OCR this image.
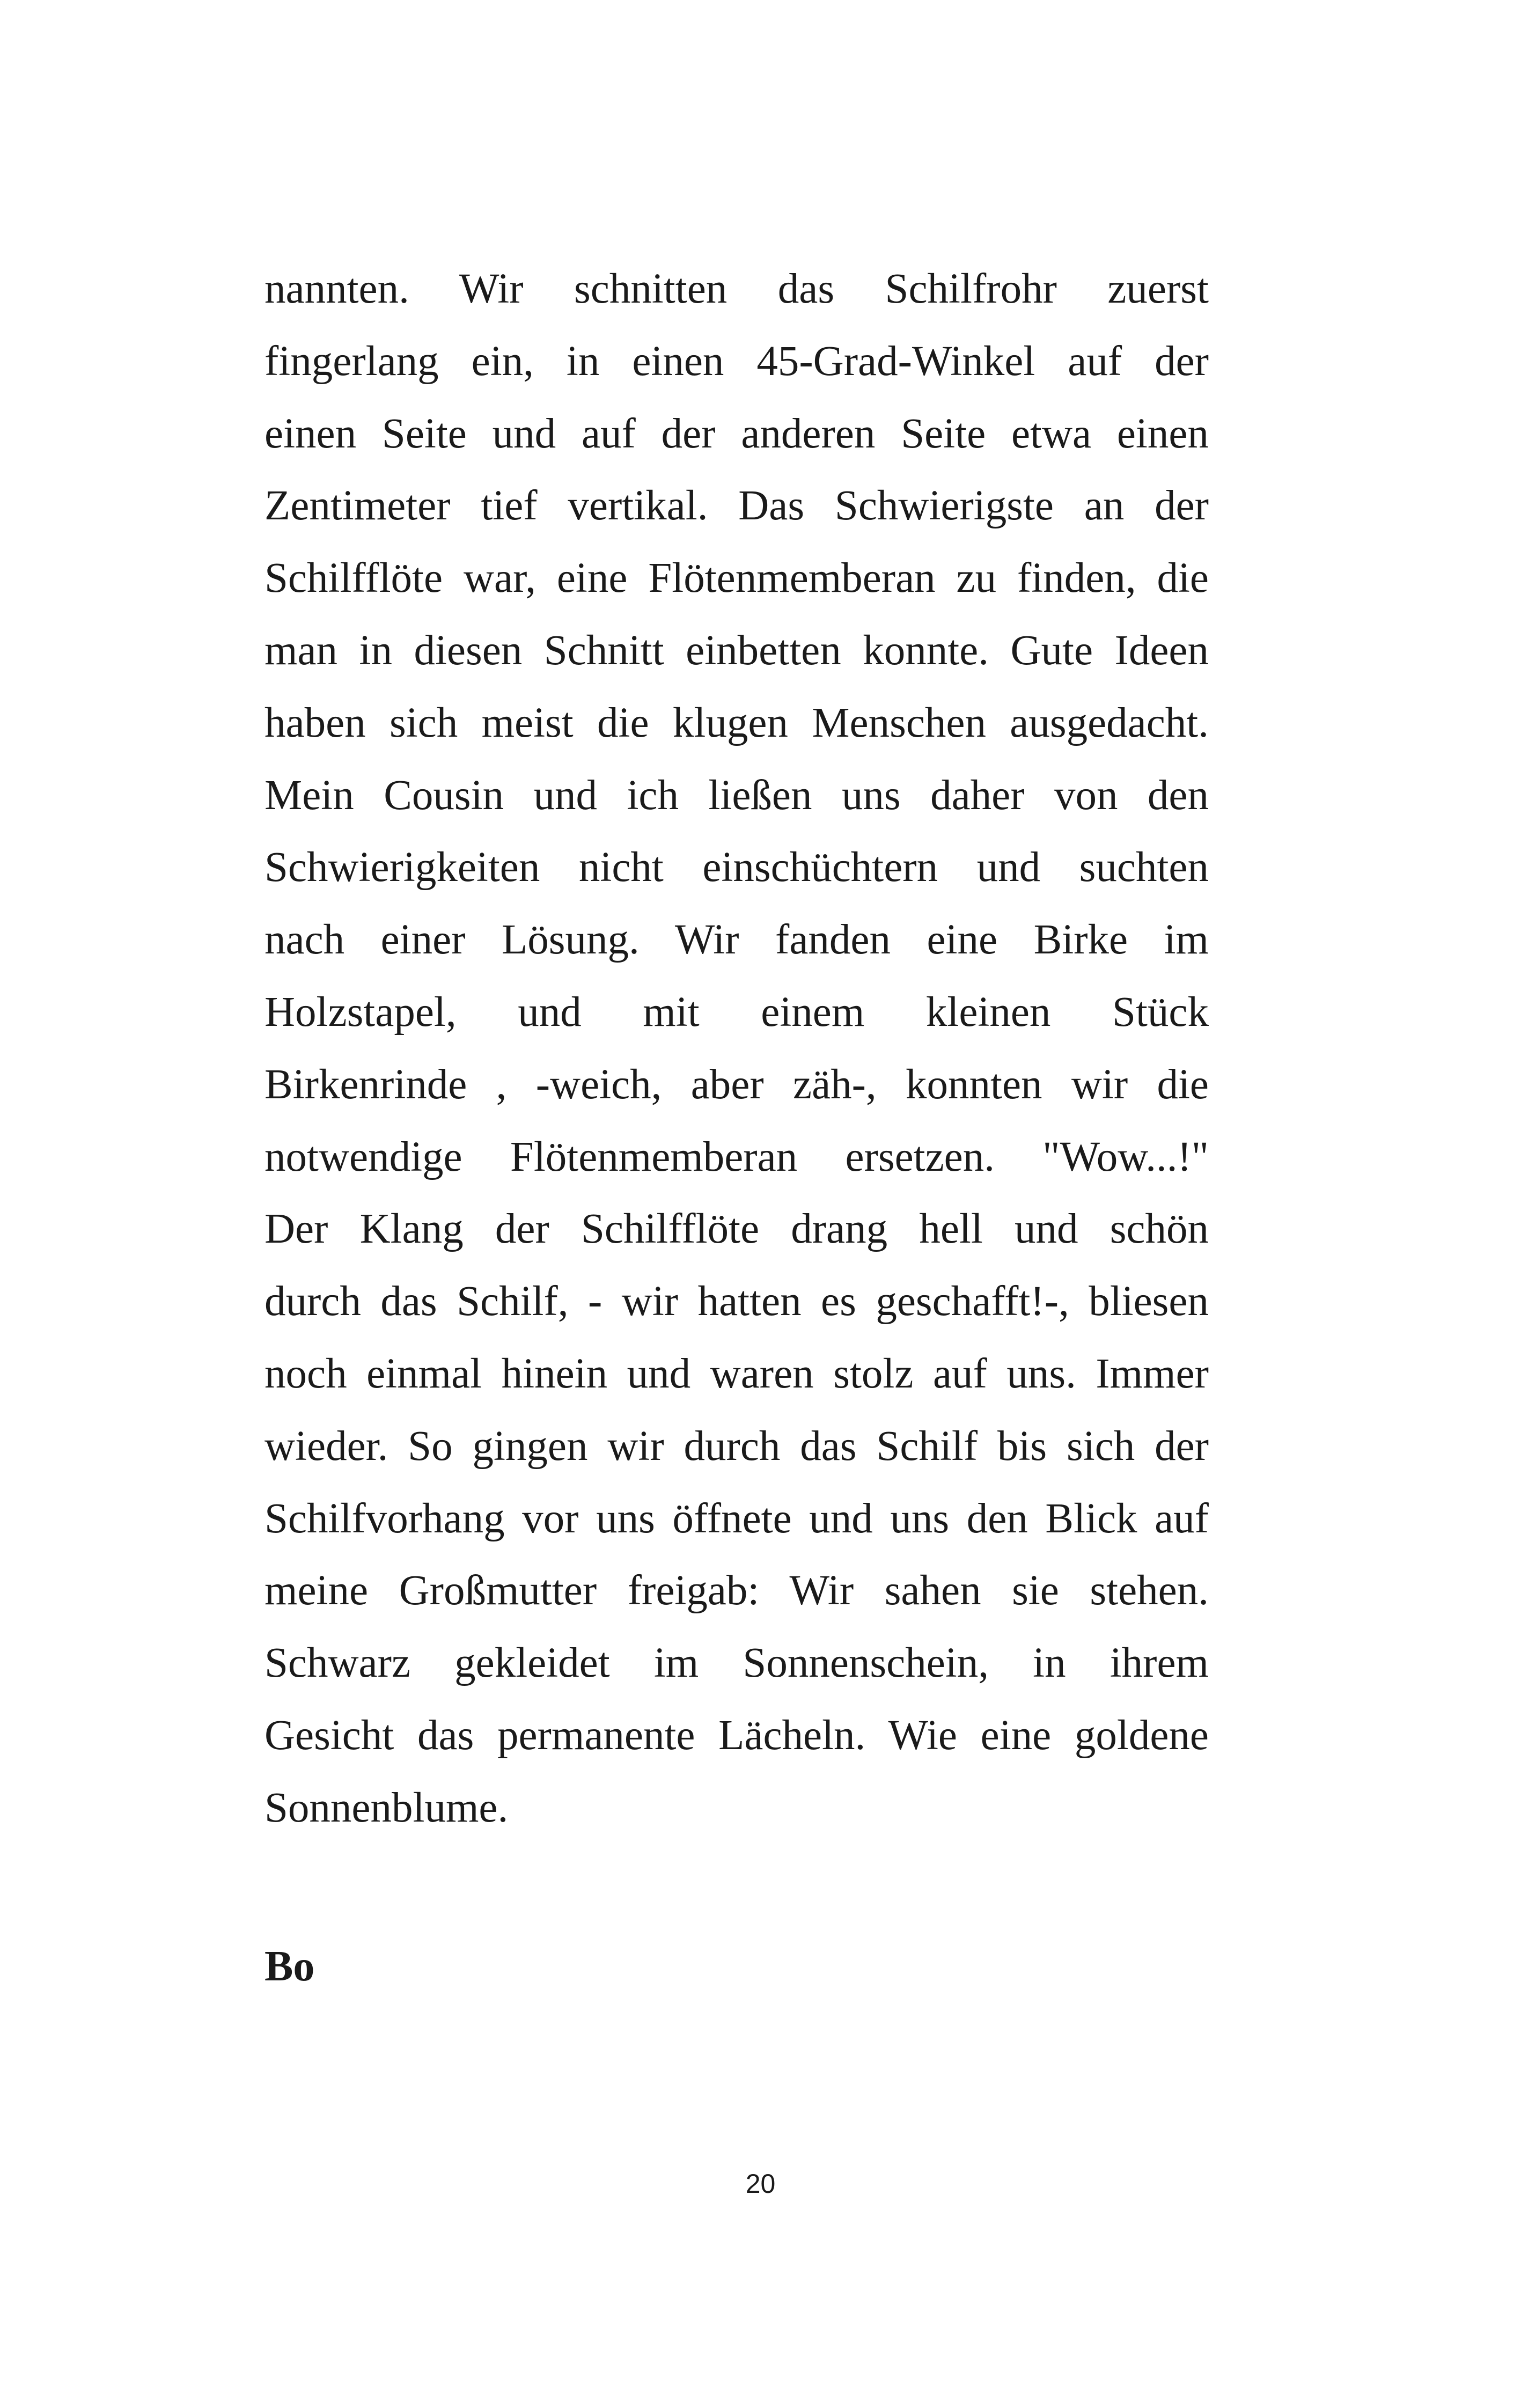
nannten. Wir schnitten das Schilfrohr zuerst
fingerlang ein, in einen 45-Grad-Winkel auf der
einen Seite und auf der anderen Seite etwa einen
Zentimeter tief vertikal. Das Schwierigste an der
Schilfflöte war, eine Flötenmemberan zu finden, die
man in diesen Schnitt einbetten konnte. Gute Ideen
haben sich meist die klugen Menschen ausgedacht.
Mein Cousin und ich ließen uns daher von den
Schwierigkeiten nicht einschüchtern und suchten
nach einer Lösung. Wir fanden eine Birke im
Holzstapel, und mit einem kleinen Stück
Birkenrinde , -weich, aber zäh-, konnten wir die
notwendige Flötenmemberan ersetzen. "Wow...!"
Der Klang der Schilfflöte drang hell und schön
durch das Schilf, - wir hatten es geschafft!-, bliesen
noch einmal hinein und waren stolz auf uns. Immer
wieder. So gingen wir durch das Schilf bis sich der
Schilfvorhang vor uns öffnete und uns den Blick auf
meine Großmutter freigab: Wir sahen sie stehen.
Schwarz gekleidet im Sonnenschein, in ihrem
Gesicht das permanente Lächeln. Wie eine goldene
Sonnenblume.
Bo
20
